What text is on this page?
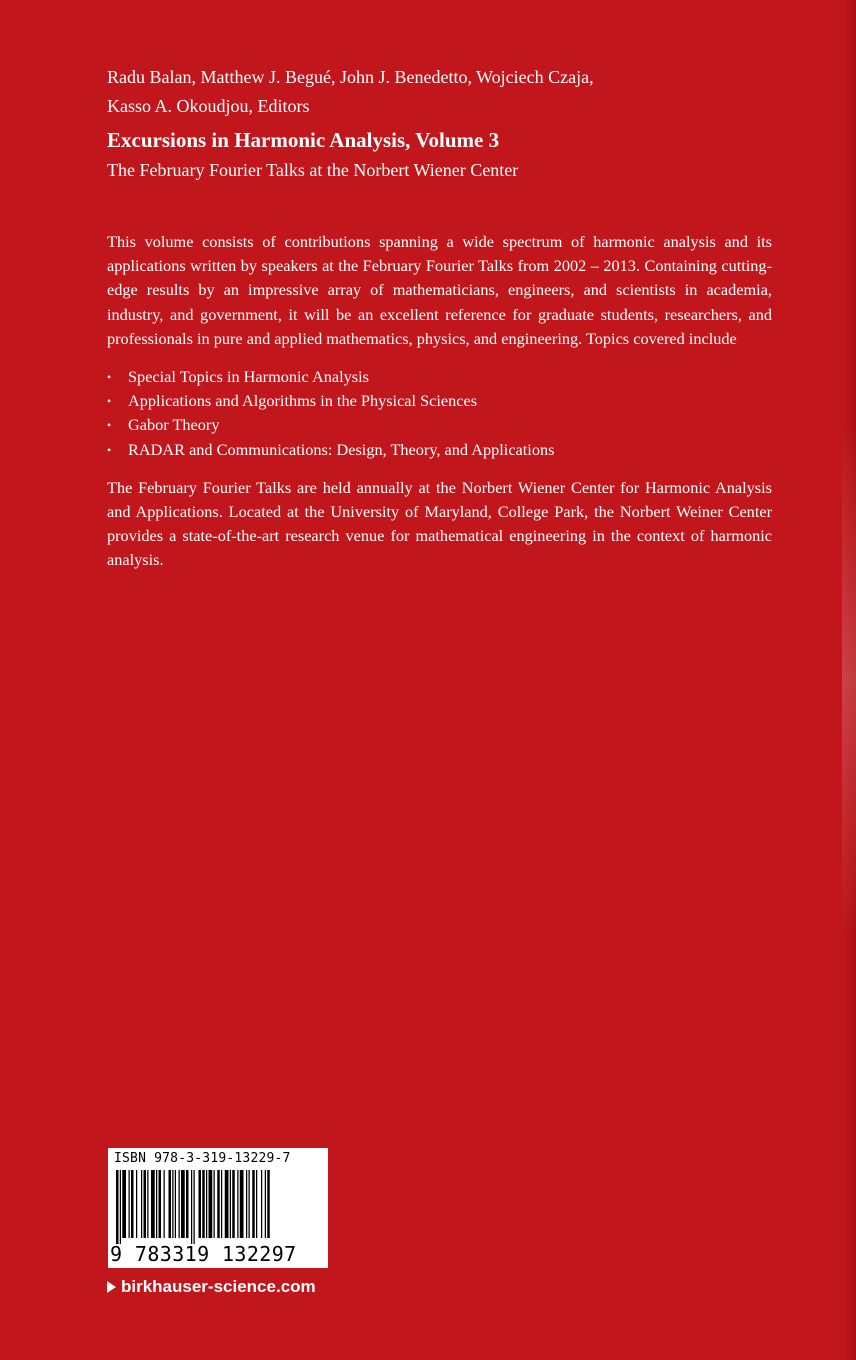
Radu Balan, Matthew J. Begué, John J. Benedetto, Wojciech Czaja,

Kasso A. Okoudjou, Editors

Excursions in Harmonic Analysis, Volume 3
The February Fourier Talks at the Norbert Wiener Center

This volume consists of contributions spanning a wide spectrum of harmonic analysis and its applications written by speakers at the February Fourier Talks from 2002 – 2013. Containing cutting-edge results by an impressive array of mathematicians, engineers, and scientists in academia, industry, and government, it will be an excellent reference for graduate students, researchers, and professionals in pure and applied mathematics, physics, and engineering. Topics covered include

• Special Topics in Harmonic Analysis
• Applications and Algorithms in the Physical Sciences
• Gabor Theory
• RADAR and Communications: Design, Theory, and Applications

The February Fourier Talks are held annually at the Norbert Wiener Center for Harmonic Analysis and Applications. Located at the University of Maryland, College Park, the Norbert Weiner Center provides a state-of-the-art research venue for mathematical engineering in the context of harmonic analysis.

ISBN 978-3-319-13229-7
9 783319 132297
birkhauser-science.com
